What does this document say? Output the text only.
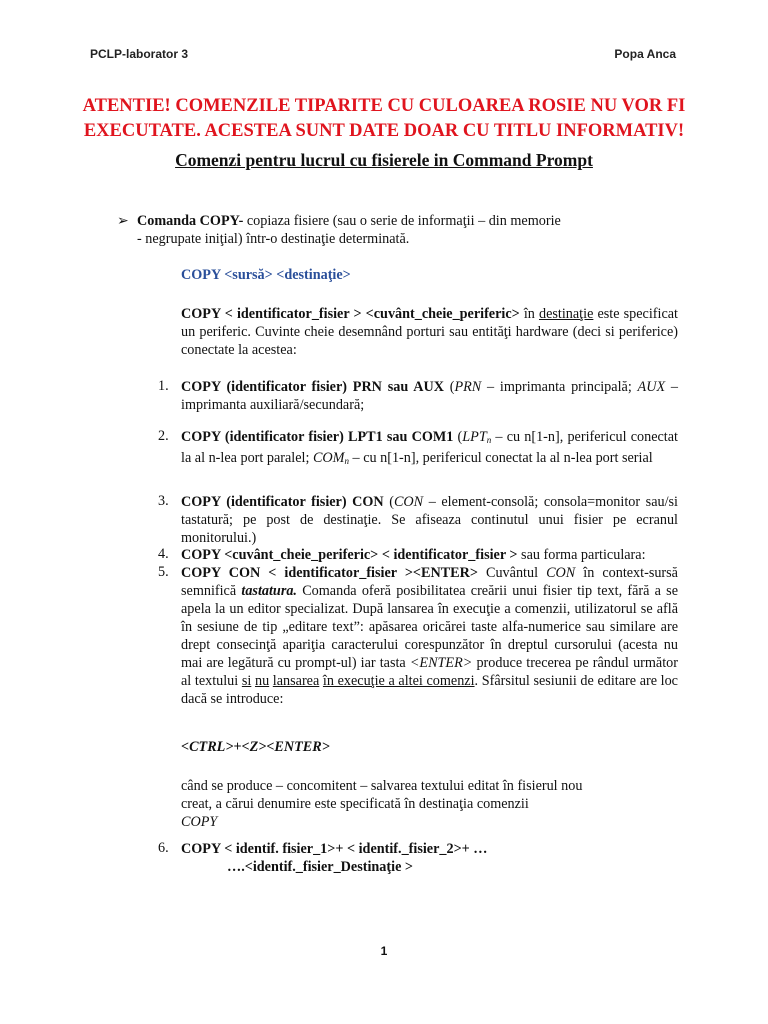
PCLP-laborator 3	Popa Anca
ATENTIE! COMENZILE TIPARITE CU CULOAREA ROSIE NU VOR FI EXECUTATE. ACESTEA SUNT DATE DOAR CU TITLU INFORMATIV!
Comenzi pentru lucrul cu fisierele in Command Prompt
➢ Comanda COPY- copiaza fisiere (sau o serie de informaţii – din memorie
- negrupate iniţial) într-o destinaţie determinată.
COPY <sursă> <destinaţie>
COPY < identificator_fisier > <cuvânt_cheie_periferic> în destinaţie este specificat un periferic. Cuvinte cheie desemnând porturi sau entităţi hardware (deci si periferice) conectate la acestea:
1. COPY (identificator fisier) PRN sau AUX (PRN – imprimanta principală; AUX – imprimanta auxiliară/secundară;
2. COPY (identificator fisier) LPT1 sau COM1 ($LPT_n$ – cu n[1-n], perifericul conectat la al n-lea port paralel; $COM_n$ – cu n[1-n], perifericul conectat la al n-lea port serial
3. COPY (identificator fisier) CON (CON – element-consolă; consola=monitor sau/si tastatură; pe post de destinaţie. Se afiseaza continutul unui fisier pe ecranul monitorului.)
4. COPY <cuvânt_cheie_periferic> < identificator_fisier > sau forma particulara:
5. COPY CON < identificator_fisier ><ENTER> Cuvântul CON în context-sursă semnifică tastatura. Comanda oferă posibilitatea creării unui fisier tip text, fără a se apela la un editor specializat. După lansarea în execuţie a comenzii, utilizatorul se află în sesiune de tip „editare text”: apăsarea oricărei taste alfa-numerice sau similare are drept consecinţă apariţia caracterului corespunzător în dreptul cursorului (acesta nu mai are legătură cu prompt-ul) iar tasta <ENTER> produce trecerea pe rândul următor al textului si nu lansarea în execuţie a altei comenzi. Sfârsitul sesiunii de editare are loc dacă se introduce:
<CTRL>+<Z><ENTER>
când se produce – concomitent – salvarea textului editat în fisierul nou creat, a cărui denumire este specificată în destinaţia comenzii
COPY
6. COPY < identif. fisier_1>+ < identif._fisier_2>+ …
….<identif._fisier_Destinaţie >
1
